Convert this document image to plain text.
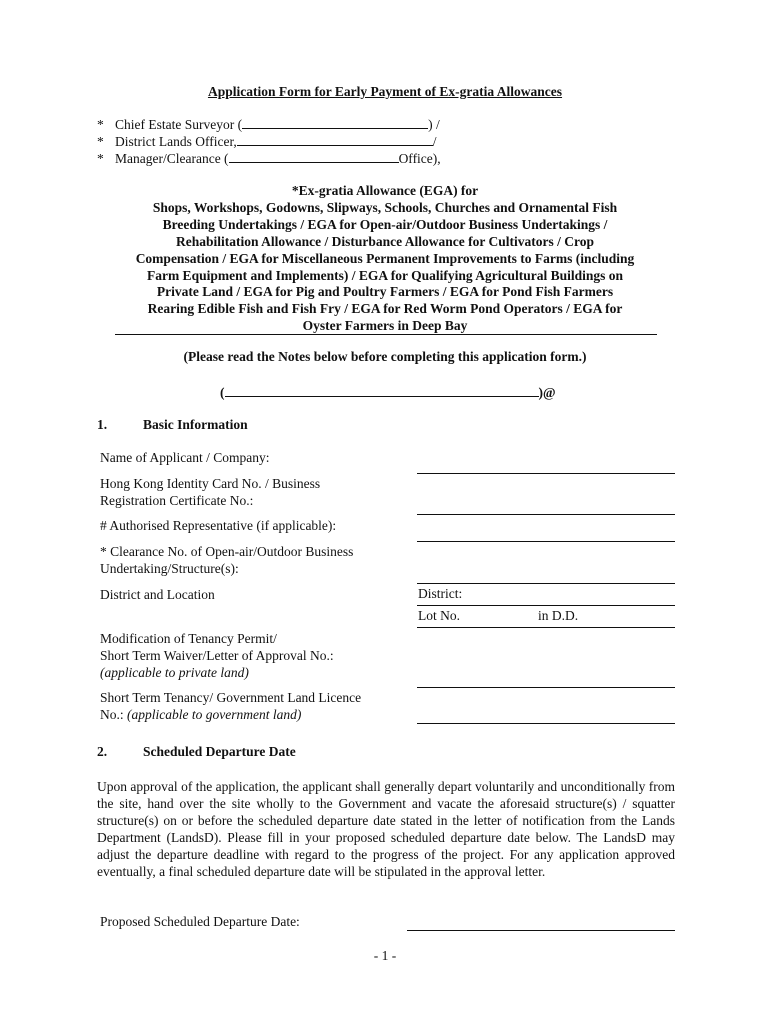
Application Form for Early Payment of Ex-gratia Allowances
* Chief Estate Surveyor (	) /
* District Lands Officer,	/
* Manager/Clearance (	Office),
*Ex-gratia Allowance (EGA) for
Shops, Workshops, Godowns, Slipways, Schools, Churches and Ornamental Fish
Breeding Undertakings / EGA for Open-air/Outdoor Business Undertakings /
Rehabilitation Allowance / Disturbance Allowance for Cultivators / Crop
Compensation / EGA for Miscellaneous Permanent Improvements to Farms (including
Farm Equipment and Implements) / EGA for Qualifying Agricultural Buildings on
Private Land / EGA for Pig and Poultry Farmers / EGA for Pond Fish Farmers
Rearing Edible Fish and Fish Fry / EGA for Red Worm Pond Operators / EGA for
Oyster Farmers in Deep Bay
(Please read the Notes below before completing this application form.)
(	)@
1.	Basic Information
Name of Applicant / Company:
Hong Kong Identity Card No. / Business
Registration Certificate No.:
# Authorised Representative (if applicable):
* Clearance No. of Open-air/Outdoor Business
Undertaking/Structure(s):
District and Location	District:
Lot No.	in D.D.
Modification of Tenancy Permit/
Short Term Waiver/Letter of Approval No.:
(applicable to private land)
Short Term Tenancy/ Government Land Licence
No.: (applicable to government land)
2.	Scheduled Departure Date
Upon approval of the application, the applicant shall generally depart voluntarily and unconditionally from the site, hand over the site wholly to the Government and vacate the aforesaid structure(s) / squatter structure(s) on or before the scheduled departure date stated in the letter of notification from the Lands Department (LandsD). Please fill in your proposed scheduled departure date below. The LandsD may adjust the departure deadline with regard to the progress of the project. For any application approved eventually, a final scheduled departure date will be stipulated in the approval letter.
Proposed Scheduled Departure Date:
- 1 -
